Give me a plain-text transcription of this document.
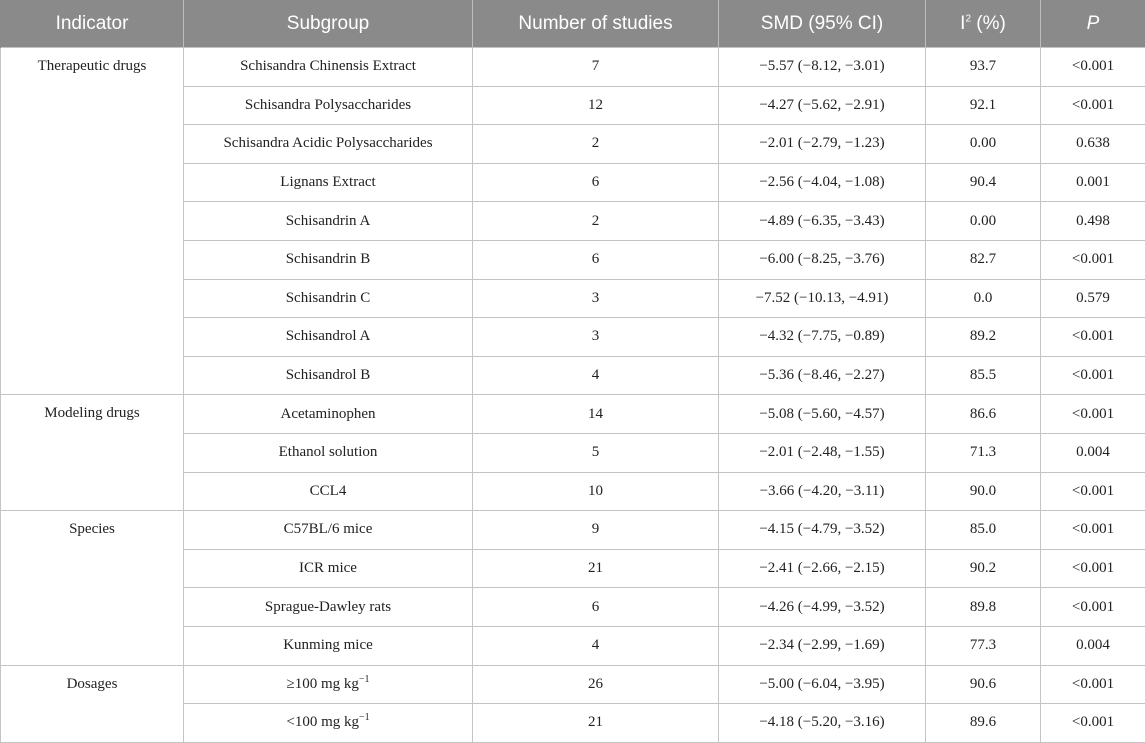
Indicator	Subgroup	Number of studies	SMD (95% CI)	$I^2$ (%)	P
Therapeutic drugs	Schisandra Chinensis Extract	7	−5.57 (−8.12, −3.01)	93.7	<0.001
	Schisandra Polysaccharides	12	−4.27 (−5.62, −2.91)	92.1	<0.001
	Schisandra Acidic Polysaccharides	2	−2.01 (−2.79, −1.23)	0.00	0.638
	Lignans Extract	6	−2.56 (−4.04, −1.08)	90.4	0.001
	Schisandrin A	2	−4.89 (−6.35, −3.43)	0.00	0.498
	Schisandrin B	6	−6.00 (−8.25, −3.76)	82.7	<0.001
	Schisandrin C	3	−7.52 (−10.13, −4.91)	0.0	0.579
	Schisandrol A	3	−4.32 (−7.75, −0.89)	89.2	<0.001
	Schisandrol B	4	−5.36 (−8.46, −2.27)	85.5	<0.001
Modeling drugs	Acetaminophen	14	−5.08 (−5.60, −4.57)	86.6	<0.001
	Ethanol solution	5	−2.01 (−2.48, −1.55)	71.3	0.004
	CCL4	10	−3.66 (−4.20, −3.11)	90.0	<0.001
Species	C57BL/6 mice	9	−4.15 (−4.79, −3.52)	85.0	<0.001
	ICR mice	21	−2.41 (−2.66, −2.15)	90.2	<0.001
	Sprague-Dawley rats	6	−4.26 (−4.99, −3.52)	89.8	<0.001
	Kunming mice	4	−2.34 (−2.99, −1.69)	77.3	0.004
Dosages	≥100 mg $kg^{-1}$	26	−5.00 (−6.04, −3.95)	90.6	<0.001
	<100 mg $kg^{-1}$	21	−4.18 (−5.20, −3.16)	89.6	<0.001
